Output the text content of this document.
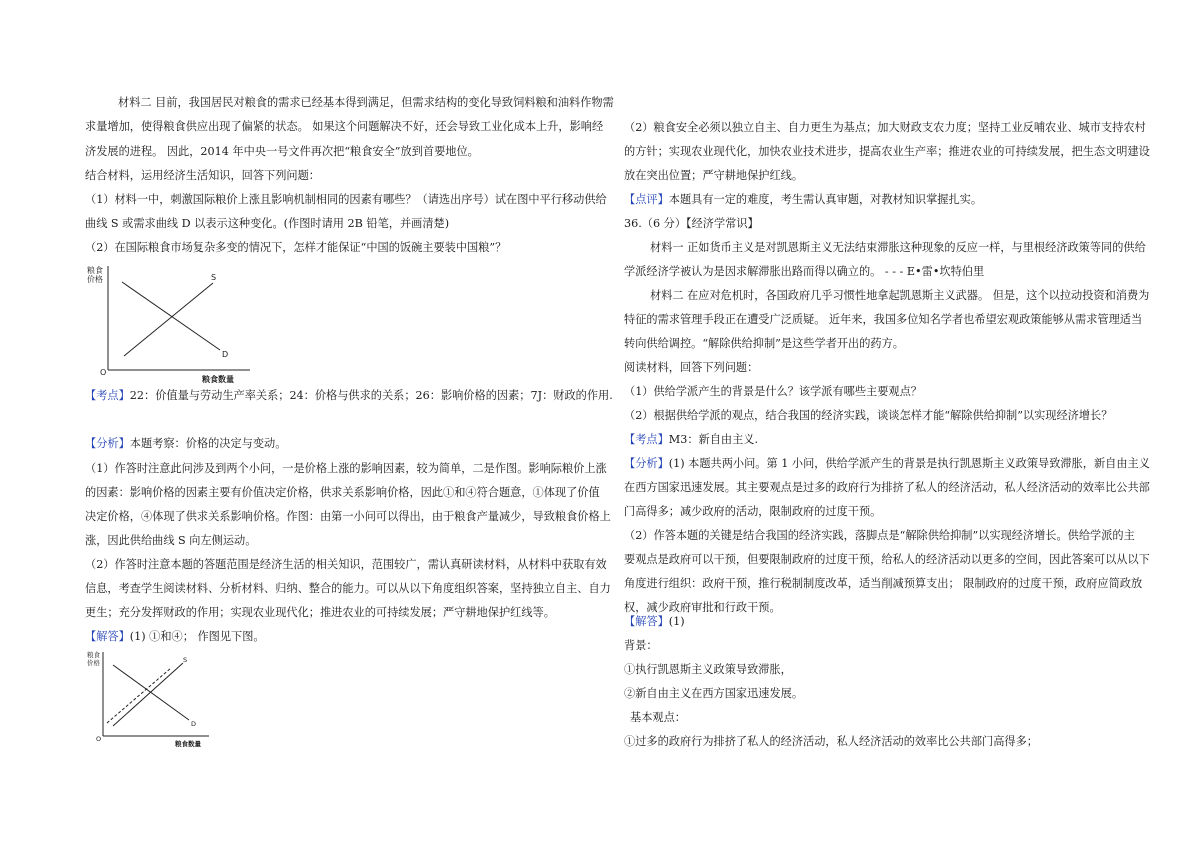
材料二 目前，我国居民对粮食的需求已经基本得到满足，但需求结构的变化导致饲料粮和油料作物需
求量增加，使得粮食供应出现了偏紧的状态。 如果这个问题解决不好，还会导致工业化成本上升，影响经
济发展的进程。 因此，2014 年中央一号文件再次把“粮食安全”放到首要地位。
结合材料，运用经济生活知识，回答下列问题：
（1）材料一中，刺激国际粮价上涨且影响机制相同的因素有哪些？（请选出序号）试在图中平行移动供给
曲线 S 或需求曲线 D 以表示这种变化。(作图时请用 2B 铅笔，并画清楚)
（2）在国际粮食市场复杂多变的情况下，怎样才能保证“中国的饭碗主要装中国粮”？
粮食
价格	S
D
O
粮食数量
【考点】22：价值量与劳动生产率关系；24：价格与供求的关系；26：影响价格的因素；7J：财政的作用.
【分析】本题考察：价格的决定与变动。
（1）作答时注意此问涉及到两个小问，一是价格上涨的影响因素，较为简单，二是作图。影响际粮价上涨
的因素：影响价格的因素主要有价值决定价格，供求关系影响价格，因此①和④符合题意，①体现了价值
决定价格，④体现了供求关系影响价格。作图：由第一小问可以得出，由于粮食产量减少，导致粮食价格上
涨，因此供给曲线 S 向左侧运动。
（2）作答时注意本题的答题范围是经济生活的相关知识，范围较广，需认真研读材料，从材料中获取有效
信息，考查学生阅读材料、分析材料、归纳、整合的能力。可以从以下角度组织答案，坚持独立自主、自力
更生；充分发挥财政的作用；实现农业现代化；推进农业的可持续发展；严守耕地保护红线等。
【解答】(1) ①和④； 作图见下图。
粮食
价格	S
D
O
粮食数量
（2）粮食安全必须以独立自主、自力更生为基点；加大财政支农力度；坚持工业反哺农业、城市支持农村
的方针；实现农业现代化，加快农业技术进步，提高农业生产率；推进农业的可持续发展，把生态文明建设
放在突出位置；严守耕地保护红线。
【点评】本题具有一定的难度，考生需认真审题，对教材知识掌握扎实。
36.（6 分）【经济学常识】
材料一 正如货币主义是对凯恩斯主义无法结束滞胀这种现象的反应一样，与里根经济政策等同的供给
学派经济学被认为是因求解滞胀出路而得以确立的。 - - - E•雷•坎特伯里
材料二 在应对危机时，各国政府几乎习惯性地拿起凯恩斯主义武器。 但是，这个以拉动投资和消费为
特征的需求管理手段正在遭受广泛质疑。 近年来，我国多位知名学者也希望宏观政策能够从需求管理适当
转向供给调控。“解除供给抑制”是这些学者开出的药方。
阅读材料，回答下列问题：
（1）供给学派产生的背景是什么？该学派有哪些主要观点？
（2）根据供给学派的观点，结合我国的经济实践，谈谈怎样才能“解除供给抑制”以实现经济增长？
【考点】M3：新自由主义.
【分析】(1) 本题共两小问。第 1 小问，供给学派产生的背景是执行凯恩斯主义政策导致滞胀，新自由主义
在西方国家迅速发展。其主要观点是过多的政府行为排挤了私人的经济活动，私人经济活动的效率比公共部
门高得多；减少政府的活动，限制政府的过度干预。
（2）作答本题的关键是结合我国的经济实践，落脚点是“解除供给抑制”以实现经济增长。供给学派的主
要观点是政府可以干预，但要限制政府的过度干预，给私人的经济活动以更多的空间，因此答案可以从以下
角度进行组织：政府干预，推行税制制度改革，适当削减预算支出； 限制政府的过度干预，政府应简政放
权，减少政府审批和行政干预。
【解答】(1)
背景：
①执行凯恩斯主义政策导致滞胀，
②新自由主义在西方国家迅速发展。
基本观点：
①过多的政府行为排挤了私人的经济活动，私人经济活动的效率比公共部门高得多；
